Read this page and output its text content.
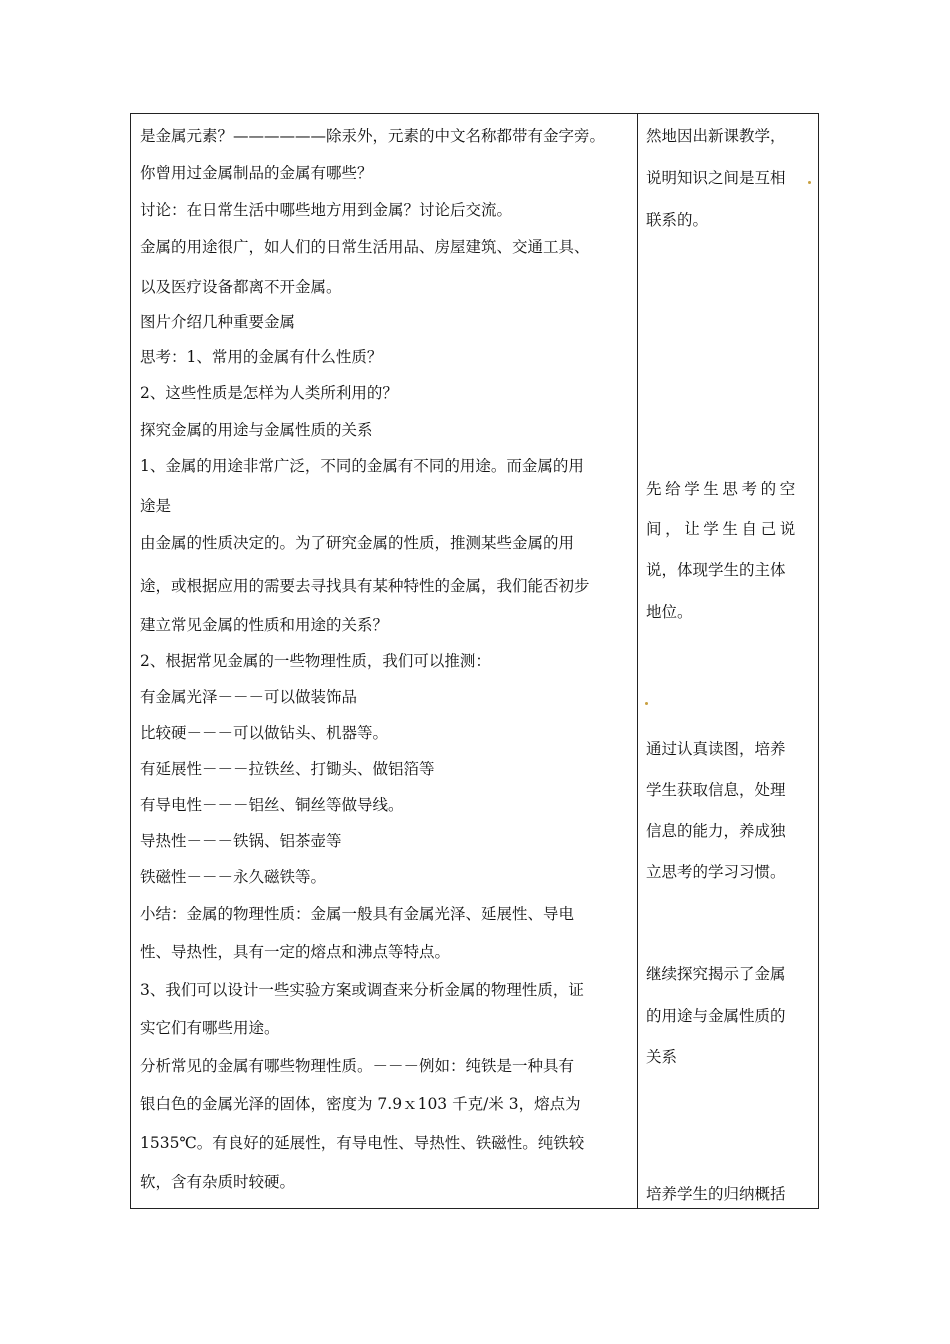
是金属元素？——————除汞外，元素的中文名称都带有金字旁。
你曾用过金属制品的金属有哪些？
讨论：在日常生活中哪些地方用到金属？讨论后交流。
金属的用途很广，如人们的日常生活用品、房屋建筑、交通工具、
以及医疗设备都离不开金属。
图片介绍几种重要金属
思考：1、常用的金属有什么性质？
2、这些性质是怎样为人类所利用的？
探究金属的用途与金属性质的关系
1、金属的用途非常广泛，不同的金属有不同的用途。而金属的用
途是
由金属的性质决定的。为了研究金属的性质，推测某些金属的用
途，或根据应用的需要去寻找具有某种特性的金属，我们能否初步
建立常见金属的性质和用途的关系？
2、根据常见金属的一些物理性质，我们可以推测：
有金属光泽－－－可以做装饰品
比较硬－－－可以做钻头、机器等。
有延展性－－－拉铁丝、打锄头、做铝箔等
有导电性－－－铝丝、铜丝等做导线。
导热性－－－铁锅、铝茶壶等
铁磁性－－－永久磁铁等。
小结：金属的物理性质：金属一般具有金属光泽、延展性、导电
性、导热性，具有一定的熔点和沸点等特点。
3、我们可以设计一些实验方案或调查来分析金属的物理性质，证
实它们有哪些用途。
分析常见的金属有哪些物理性质。－－－例如：纯铁是一种具有
银白色的金属光泽的固体，密度为 7.9ｘ103 千克/米 3，熔点为
1535℃。有良好的延展性，有导电性、导热性、铁磁性。纯铁较
软，含有杂质时较硬。
然地因出新课教学，
说明知识之间是互相
联系的。
先给学生思考的空
间，让学生自己说
说，体现学生的主体
地位。
通过认真读图，培养
学生获取信息，处理
信息的能力，养成独
立思考的学习习惯。
继续探究揭示了金属
的用途与金属性质的
关系
培养学生的归纳概括
